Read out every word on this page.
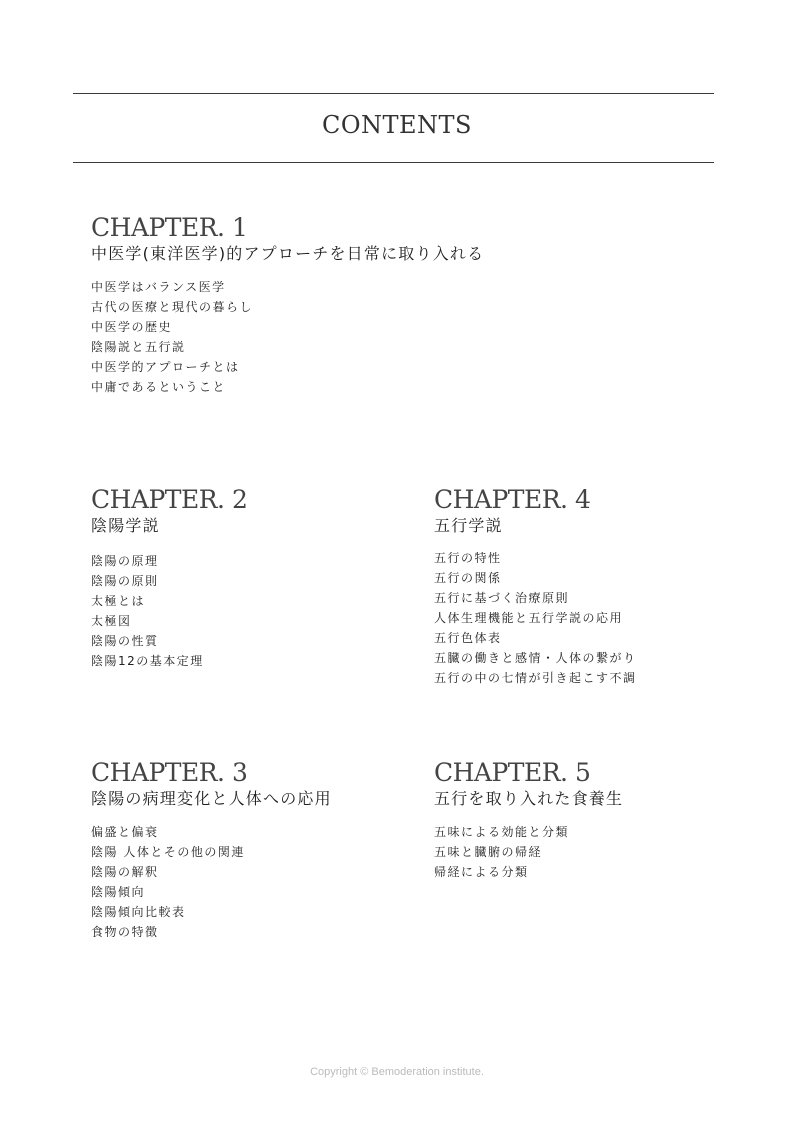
CONTENTS
CHAPTER. 1
中医学(東洋医学)的アプローチを日常に取り入れる
中医学はバランス医学
古代の医療と現代の暮らし
中医学の歴史
陰陽説と五行説
中医学的アプローチとは
中庸であるということ
CHAPTER. 2
陰陽学説
陰陽の原理
陰陽の原則
太極とは
太極図
陰陽の性質
陰陽12の基本定理
CHAPTER. 3
陰陽の病理変化と人体への応用
偏盛と偏衰
陰陽 人体とその他の関連
陰陽の解釈
陰陽傾向
陰陽傾向比較表
食物の特徴
CHAPTER. 4
五行学説
五行の特性
五行の関係
五行に基づく治療原則
人体生理機能と五行学説の応用
五行色体表
五臓の働きと感情・人体の繋がり
五行の中の七情が引き起こす不調
CHAPTER. 5
五行を取り入れた食養生
五味による効能と分類
五味と臓腑の帰経
帰経による分類
Copyright © Bemoderation institute.
